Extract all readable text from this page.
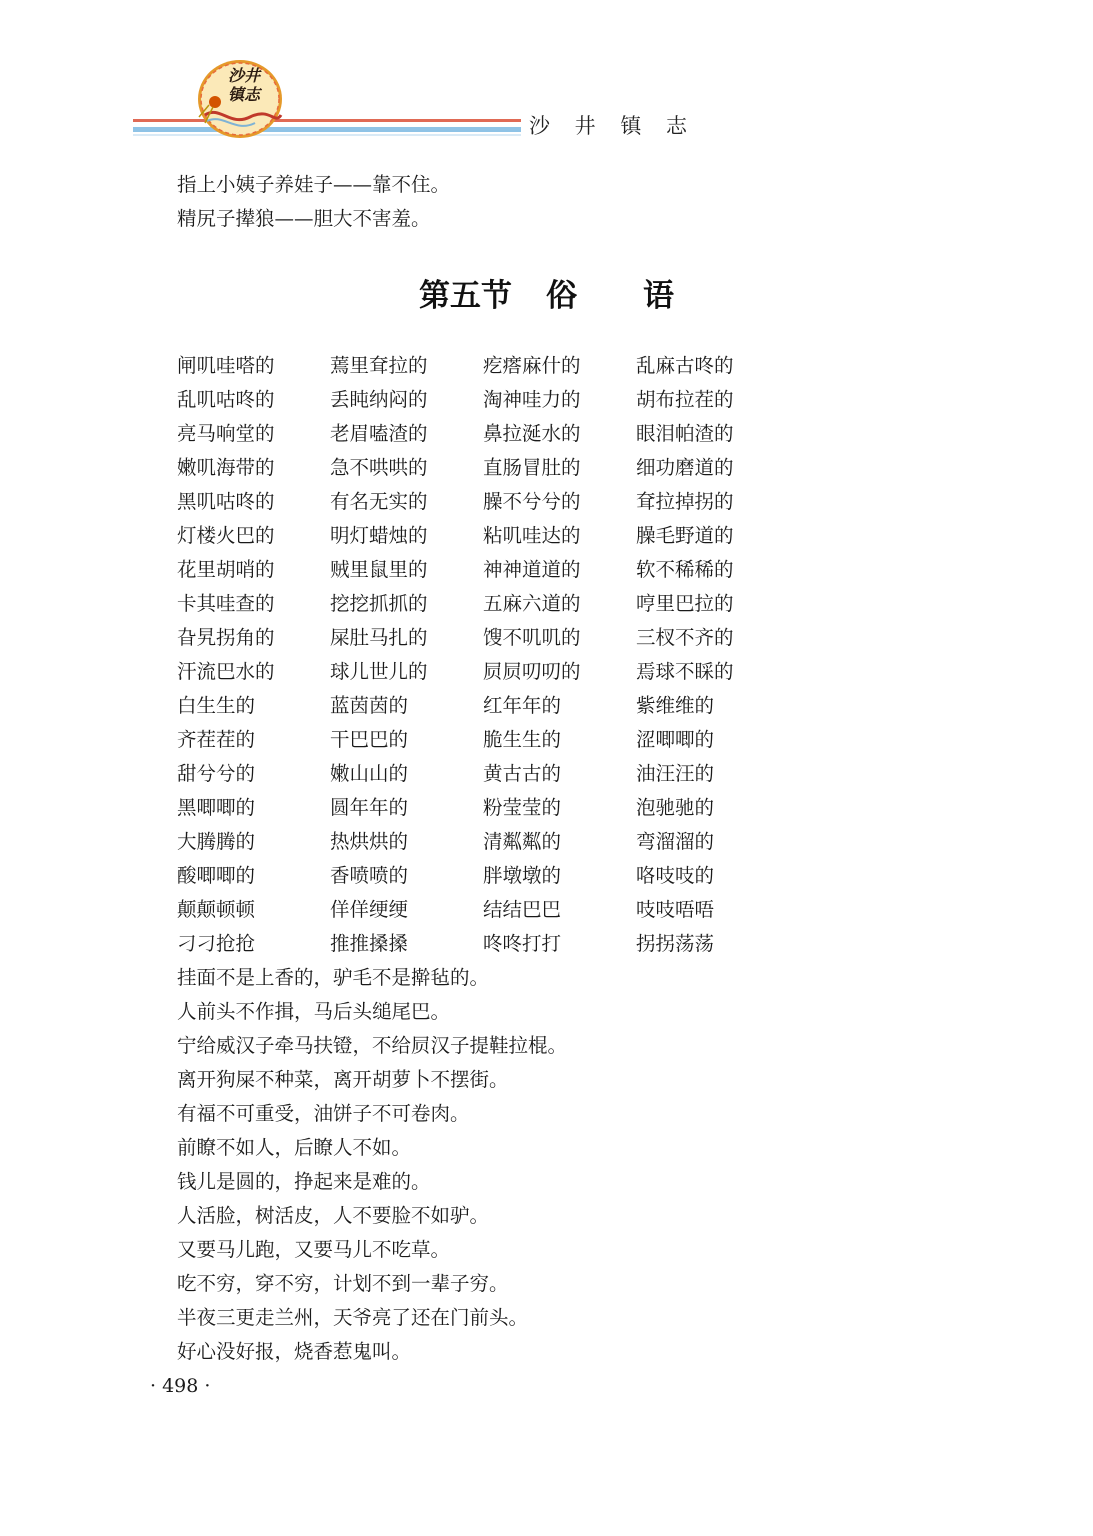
沙井镇志
沙 井 镇 志
指上小姨子养娃子——靠不住。
精尻子撵狼——胆大不害羞。
第五节 俗 语
闸叽哇嗒的	蔫里耷拉的	疙瘩麻什的	乱麻古咚的
乱叽咕咚的	丢盹纳闷的	淘神哇力的	胡布拉茬的
亮马响堂的	老眉嗑渣的	鼻拉涎水的	眼泪帕渣的
嫩叽海带的	急不哄哄的	直肠冒肚的	细功磨道的
黑叽咕咚的	有名无实的	臊不兮兮的	耷拉掉拐的
灯楼火巴的	明灯蜡烛的	粘叽哇达的	臊毛野道的
花里胡哨的	贼里鼠里的	神神道道的	软不稀稀的
卡其哇查的	挖挖抓抓的	五麻六道的	哼里巴拉的
旮旯拐角的	屎肚马扎的	馊不叽叽的	三杈不齐的
汗流巴水的	球儿世儿的	屃屃叨叨的	焉球不睬的
白生生的	蓝茵茵的	红年年的	紫维维的
齐茬茬的	干巴巴的	脆生生的	涩唧唧的
甜兮兮的	嫩山山的	黄古古的	油汪汪的
黑唧唧的	圆年年的	粉莹莹的	泡驰驰的
大腾腾的	热烘烘的	清粼粼的	弯溜溜的
酸唧唧的	香喷喷的	胖墩墩的	咯吱吱的
颠颠顿顿	佯佯绠绠	结结巴巴	吱吱唔唔
刁刁抢抢	推推搡搡	咚咚打打	拐拐荡荡
挂面不是上香的，驴毛不是擀毡的。
人前头不作揖，马后头缒尾巴。
宁给威汉子牵马扶镫，不给屃汉子提鞋拉棍。
离开狗屎不种菜，离开胡萝卜不摆街。
有福不可重受，油饼子不可卷肉。
前瞭不如人，后瞭人不如。
钱儿是圆的，挣起来是难的。
人活脸，树活皮，人不要脸不如驴。
又要马儿跑，又要马儿不吃草。
吃不穷，穿不穷，计划不到一辈子穷。
半夜三更走兰州，天爷亮了还在门前头。
好心没好报，烧香惹鬼叫。
· 498 ·
